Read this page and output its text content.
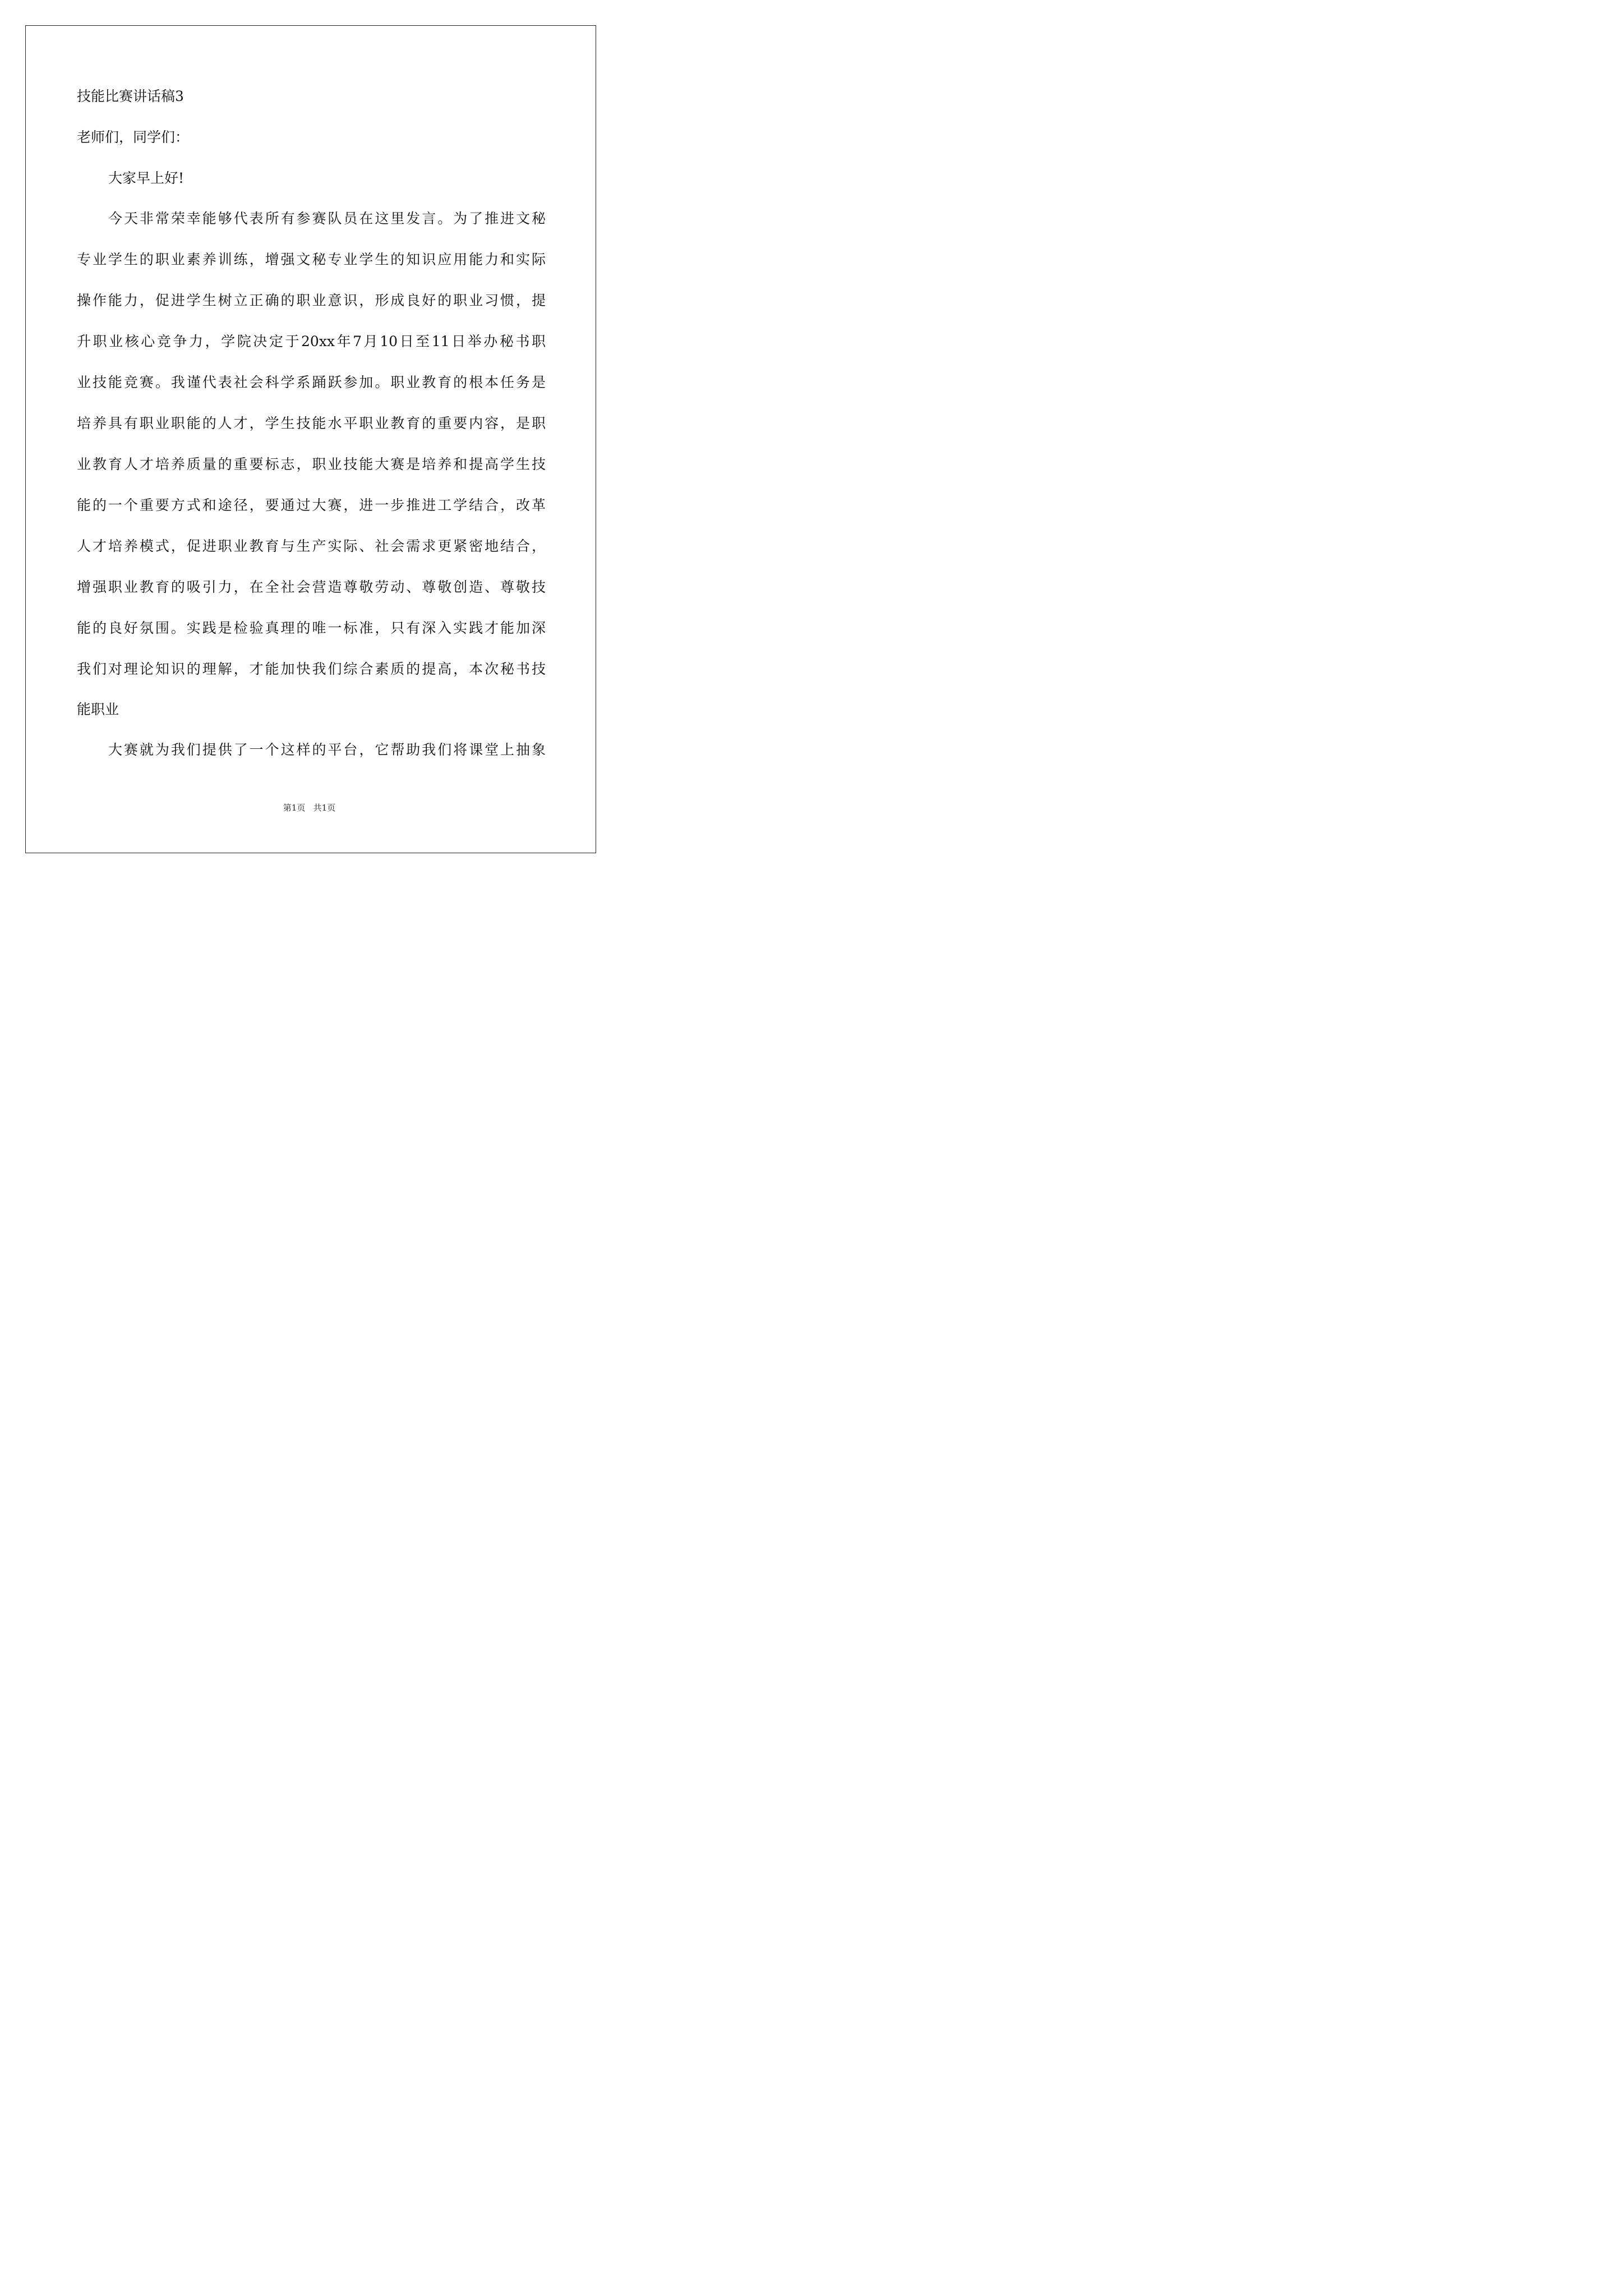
技能比赛讲话稿3

老师们，同学们：

大家早上好!

今天非常荣幸能够代表所有参赛队员在这里发言。为了推进文秘

专业学生的职业素养训练，增强文秘专业学生的知识应用能力和实际

操作能力，促进学生树立正确的职业意识，形成良好的职业习惯，提

升职业核心竞争力，学院决定于20xx年7月10日至11日举办秘书职

业技能竞赛。我谨代表社会科学系踊跃参加。职业教育的根本任务是

培养具有职业职能的人才，学生技能水平职业教育的重要内容，是职

业教育人才培养质量的重要标志，职业技能大赛是培养和提高学生技

能的一个重要方式和途径，要通过大赛，进一步推进工学结合，改革

人才培养模式，促进职业教育与生产实际、社会需求更紧密地结合，

增强职业教育的吸引力，在全社会营造尊敬劳动、尊敬创造、尊敬技

能的良好氛围。实践是检验真理的唯一标准，只有深入实践才能加深

我们对理论知识的理解，才能加快我们综合素质的提高，本次秘书技

能职业

大赛就为我们提供了一个这样的平台，它帮助我们将课堂上抽象

第1页   共1页
